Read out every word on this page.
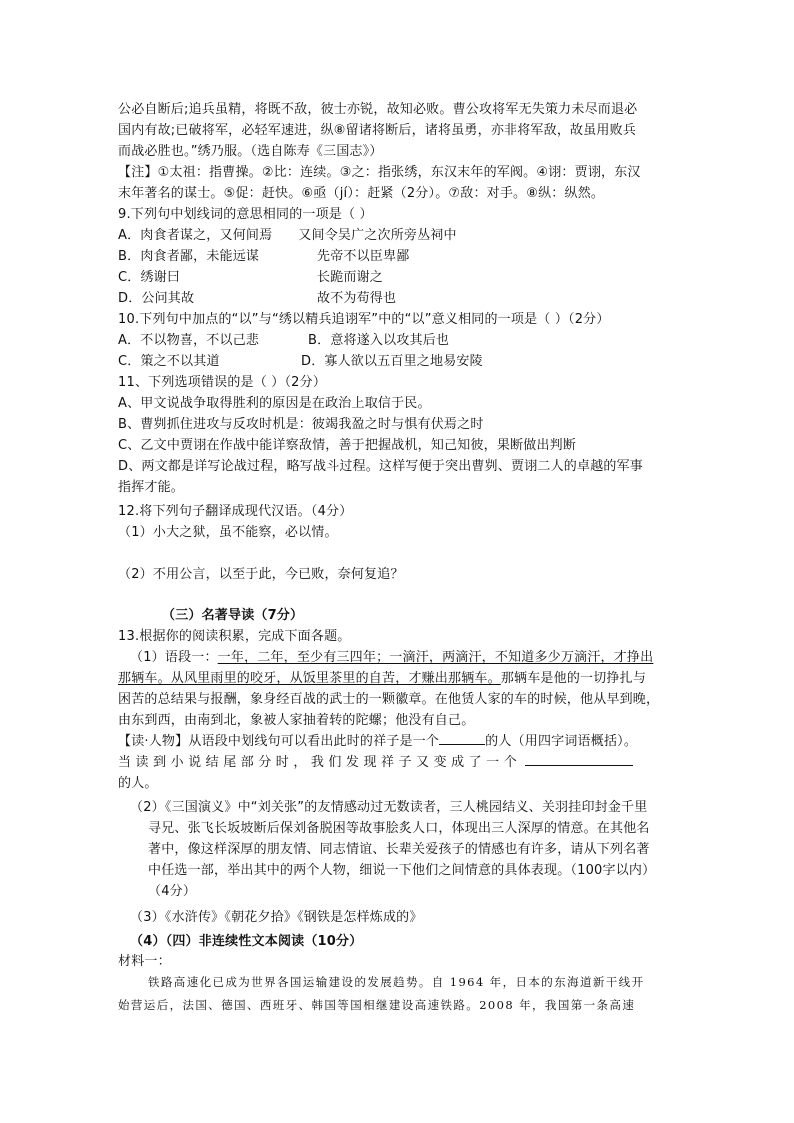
公必自断后;追兵虽精，将既不敌，彼士亦锐，故知必败。曹公攻将军无失策力未尽而退必
国内有故;已破将军，必轻军速进，纵⑧留诸将断后，诸将虽勇，亦非将军敌，故虽用败兵
而战必胜也。”绣乃服。（选自陈寿《三国志》）
【注】①太祖：指曹操。②比：连续。③之：指张绣，东汉末年的军阀。④诩：贾诩，东汉
末年著名的谋士。⑤促：赶快。⑥亟（jí）：赶紧（2分）。⑦敌：对手。⑧纵：纵然。
9.下列句中划线词的意思相同的一项是（ ）
A．肉食者谋之，又何间焉 又间令吴广之次所旁丛祠中
B．肉食者鄙，未能远谋	先帝不以臣卑鄙
C．绣谢曰	长跪而谢之
D．公问其故	故不为苟得也
10.下列句中加点的“以”与“绣以精兵追诩军”中的“以”意义相同的一项是（ ）（2分）
A．不以物喜，不以己悲	B．意将遂入以攻其后也
C．策之不以其道	D．寡人欲以五百里之地易安陵
11、下列选项错误的是（ ）（2分）
A、甲文说战争取得胜利的原因是在政治上取信于民。
B、曹刿抓住进攻与反攻时机是：彼竭我盈之时与惧有伏焉之时
C、乙文中贾诩在作战中能详察敌情，善于把握战机，知己知彼，果断做出判断
D、两文都是详写论战过程，略写战斗过程。这样写便于突出曹刿、贾诩二人的卓越的军事
指挥才能。
12.将下列句子翻译成现代汉语。（4分）
（1）小大之狱，虽不能察，必以情。
（2）不用公言，以至于此，今已败，奈何复追？
（三）名著导读（7分）
13.根据你的阅读积累，完成下面各题。
（1）语段一：一年，二年，至少有三四年；一滴汗，两滴汗，不知道多少万滴汗，才挣出
那辆车。从风里雨里的咬牙，从饭里茶里的自苦，才赚出那辆车。那辆车是他的一切挣扎与
困苦的总结果与报酬，象身经百战的武士的一颗徽章。在他赁人家的车的时候，他从早到晚，
由东到西，由南到北，象被人家抽着转的陀螺；他没有自己。
【读·人物】从语段中划线句可以看出此时的祥子是一个	的人（用四字词语概括）。
当 读 到 小 说 结 尾 部 分 时 ， 我 们 发 现 祥 子 又 变 成 了 一 个
的人。
（2）《三国演义》中“刘关张”的友情感动过无数读者，三人桃园结义、关羽挂印封金千里
寻兄、张飞长坂坡断后保刘备脱困等故事脍炙人口，体现出三人深厚的情意。在其他名
著中，像这样深厚的朋友情、同志情谊、长辈关爱孩子的情感也有许多，请从下列名著
中任选一部，举出其中的两个人物，细说一下他们之间情意的具体表现。（100字以内）
（4分）
（3）《水浒传》《朝花夕拾》《钢铁是怎样炼成的》
（4）（四）非连续性文本阅读（10分）
材料一：
铁路高速化已成为世界各国运输建设的发展趋势。自 1964 年，日本的东海道新干线开
始营运后，法国、德国、西班牙、韩国等国相继建设高速铁路。2008 年，我国第一条高速
